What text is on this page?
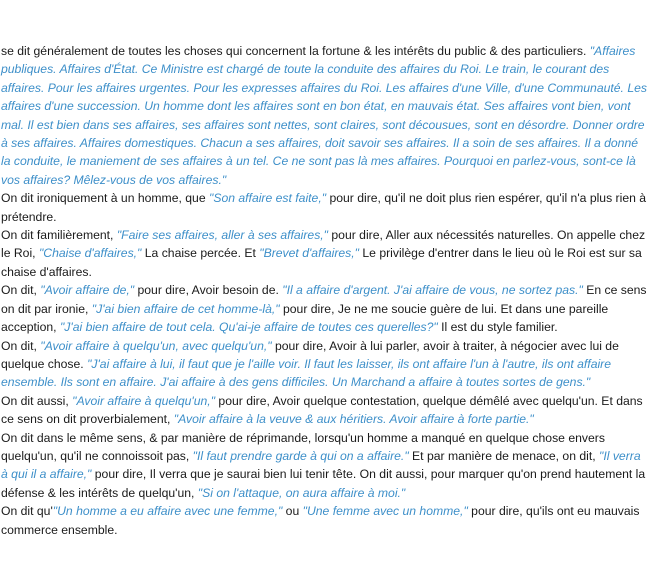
se dit généralement de toutes les choses qui concernent la fortune & les intérêts du public & des particuliers. "Affaires publiques. Affaires d'État. Ce Ministre est chargé de toute la conduite des affaires du Roi. Le train, le courant des affaires. Pour les affaires urgentes. Pour les expresses affaires du Roi. Les affaires d'une Ville, d'une Communauté. Les affaires d'une succession. Un homme dont les affaires sont en bon état, en mauvais état. Ses affaires vont bien, vont mal. Il est bien dans ses affaires, ses affaires sont nettes, sont claires, sont décousues, sont en désordre. Donner ordre à ses affaires. Affaires domestiques. Chacun a ses affaires, doit savoir ses affaires. Il a soin de ses affaires. Il a donné la conduite, le maniement de ses affaires à un tel. Ce ne sont pas là mes affaires. Pourquoi en parlez-vous, sont-ce là vos affaires? Mêlez-vous de vos affaires."

On dit ironiquement à un homme, que "Son affaire est faite," pour dire, qu'il ne doit plus rien espérer, qu'il n'a plus rien à prétendre.

On dit familièrement, "Faire ses affaires, aller à ses affaires," pour dire, Aller aux nécessités naturelles. On appelle chez le Roi, "Chaise d'affaires," La chaise percée. Et "Brevet d'affaires," Le privilège d'entrer dans le lieu où le Roi est sur sa chaise d'affaires.

On dit, "Avoir affaire de," pour dire, Avoir besoin de. "Il a affaire d'argent. J'ai affaire de vous, ne sortez pas." En ce sens on dit par ironie, "J'ai bien affaire de cet homme-là," pour dire, Je ne me soucie guère de lui. Et dans une pareille acception, "J'ai bien affaire de tout cela. Qu'ai-je affaire de toutes ces querelles?" Il est du style familier.

On dit, "Avoir affaire à quelqu'un, avec quelqu'un," pour dire, Avoir à lui parler, avoir à traiter, à négocier avec lui de quelque chose. "J'ai affaire à lui, il faut que je l'aille voir. Il faut les laisser, ils ont affaire l'un à l'autre, ils ont affaire ensemble. Ils sont en affaire. J'ai affaire à des gens difficiles. Un Marchand a affaire à toutes sortes de gens."

On dit aussi, "Avoir affaire à quelqu'un," pour dire, Avoir quelque contestation, quelque démêlé avec quelqu'un. Et dans ce sens on dit proverbialement, "Avoir affaire à la veuve & aux héritiers. Avoir affaire à forte partie."

On dit dans le même sens, & par manière de réprimande, lorsqu'un homme a manqué en quelque chose envers quelqu'un, qu'il ne connoissoit pas, "Il faut prendre garde à qui on a affaire." Et par manière de menace, on dit, "Il verra à qui il a affaire," pour dire, Il verra que je saurai bien lui tenir tête. On dit aussi, pour marquer qu'on prend hautement la défense & les intérêts de quelqu'un, "Si on l'attaque, on aura affaire à moi."

On dit qu'"Un homme a eu affaire avec une femme," ou "Une femme avec un homme," pour dire, qu'ils ont eu mauvais commerce ensemble.
